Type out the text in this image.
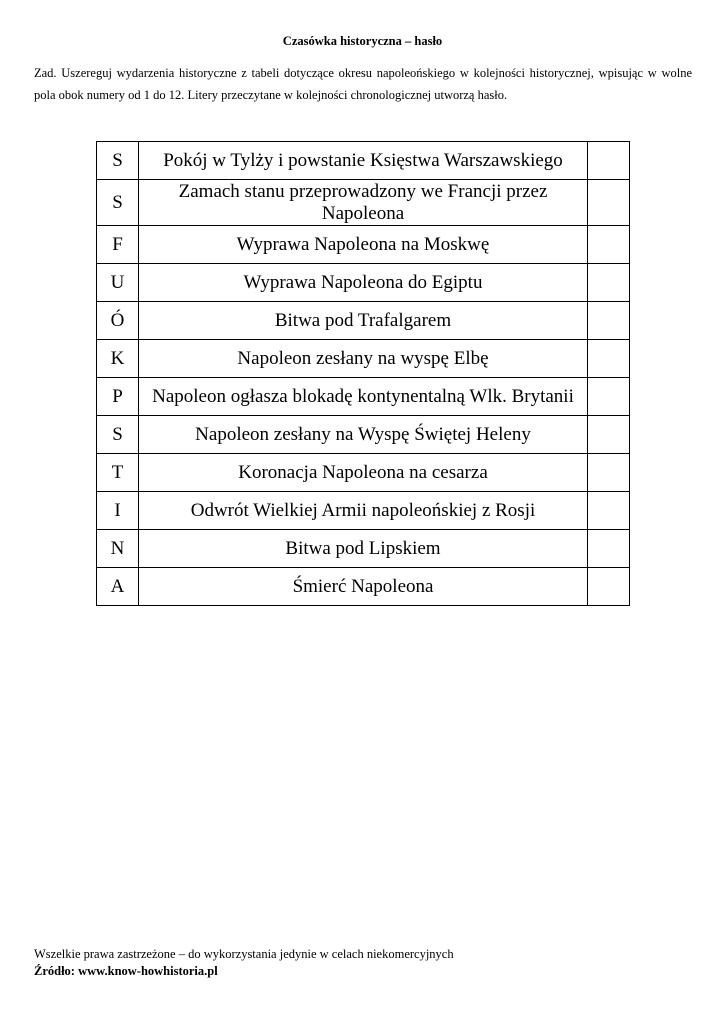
Czasówka historyczna – hasło
Zad. Uszereguj wydarzenia historyczne z tabeli dotyczące okresu napoleońskiego w kolejności historycznej, wpisując w wolne pola obok numery od 1 do 12. Litery przeczytane w kolejności chronologicznej utworzą hasło.
S	Pokój w Tylży i powstanie Księstwa Warszawskiego	
S	Zamach stanu przeprowadzony we Francji przez Napoleona	
F	Wyprawa Napoleona na Moskwę	
U	Wyprawa Napoleona do Egiptu	
Ó	Bitwa pod Trafalgarem	
K	Napoleon zesłany na wyspę Elbę	
P	Napoleon ogłasza blokadę kontynentalną Wlk. Brytanii	
S	Napoleon zesłany na Wyspę Świętej Heleny	
T	Koronacja Napoleona na cesarza	
I	Odwrót Wielkiej Armii napoleońskiej z Rosji	
N	Bitwa pod Lipskiem	
A	Śmierć Napoleona	
Wszelkie prawa zastrzeżone – do wykorzystania jedynie w celach niekomercyjnych
Źródło: www.know-howhistoria.pl
